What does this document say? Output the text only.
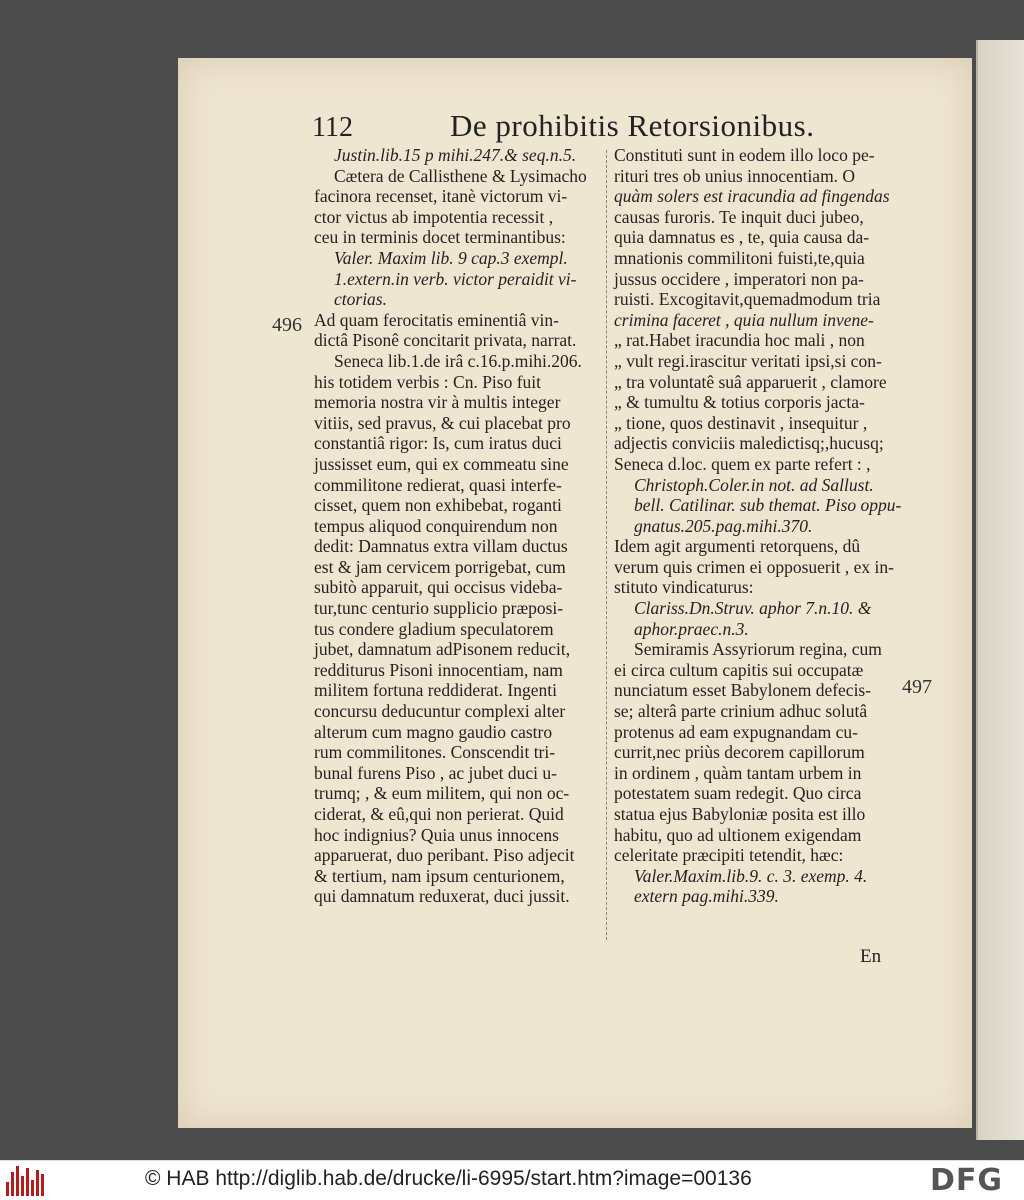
112	De prohibitis Retorsionibus.
496
497
Justin.lib.15 p mihi.247.& seq.n.5.
Cætera de Callisthene & Lysimacho
facinora recenset, itanè victorum vi-
ctor victus ab impotentia recessit ,
ceu in terminis docet terminantibus:
Valer. Maxim lib. 9 cap.3 exempl.
1.extern.in verb. victor peraidit vi-
ctorias.
Ad quam ferocitatis eminentiâ vin-
dictâ Pisonê concitarit privata, narrat.
Seneca lib.1.de irâ c.16.p.mihi.206.
his totidem verbis : Cn. Piso fuit
memoria nostra vir à multis integer
vitiis, sed pravus, & cui placebat pro
constantiâ rigor: Is, cum iratus duci
jussisset eum, qui ex commeatu sine
commilitone redierat, quasi interfe-
cisset, quem non exhibebat, roganti
tempus aliquod conquirendum non
dedit: Damnatus extra villam ductus
est & jam cervicem porrigebat, cum
subitò apparuit, qui occisus videba-
tur,tunc centurio supplicio præposi-
tus condere gladium speculatorem
jubet, damnatum adPisonem reducit,
redditurus Pisoni innocentiam, nam
militem fortuna reddiderat. Ingenti
concursu deducuntur complexi alter
alterum cum magno gaudio castro
rum commilitones. Conscendit tri-
bunal furens Piso , ac jubet duci u-
trumq; , & eum militem, qui non oc-
ciderat, & eû,qui non perierat. Quid
hoc indignius? Quia unus innocens
apparuerat, duo peribant. Piso adjecit
& tertium, nam ipsum centurionem,
qui damnatum reduxerat, duci jussit.
Constituti sunt in eodem illo loco pe-
rituri tres ob unius innocentiam. O
quàm solers est iracundia ad fingendas
causas furoris. Te inquit duci jubeo,
quia damnatus es , te, quia causa da-
mnationis commilitoni fuisti,te,quia
jussus occidere , imperatori non pa-
ruisti. Excogitavit,quemadmodum tria
crimina faceret , quia nullum invene-
„ rat.Habet iracundia hoc mali , non
„ vult regi.irascitur veritati ipsi,si con-
„ tra voluntatê suâ apparuerit , clamore
„ & tumultu & totius corporis jacta-
„ tione, quos destinavit , insequitur ,
adjectis conviciis maledictisq;,hucusq;
Seneca d.loc. quem ex parte refert : ,
Christoph.Coler.in not. ad Sallust.
bell. Catilinar. sub themat. Piso oppu-
gnatus.205.pag.mihi.370.
Idem agit argumenti retorquens, dû
verum quis crimen ei opposuerit , ex in-
stituto vindicaturus:
Clariss.Dn.Struv. aphor 7.n.10. &
aphor.praec.n.3.
Semiramis Assyriorum regina, cum
ei circa cultum capitis sui occupatæ
nunciatum esset Babylonem defecis-
se; alterâ parte crinium adhuc solutâ
protenus ad eam expugnandam cu-
currit,nec priùs decorem capillorum
in ordinem , quàm tantam urbem in
potestatem suam redegit. Quo circa
statua ejus Babyloniæ posita est illo
habitu, quo ad ultionem exigendam
celeritate præcipiti tetendit, hæc:
Valer.Maxim.lib.9. c. 3. exemp. 4.
extern pag.mihi.339.
En
© HAB http://diglib.hab.de/drucke/li-6995/start.htm?image=00136	DFG
